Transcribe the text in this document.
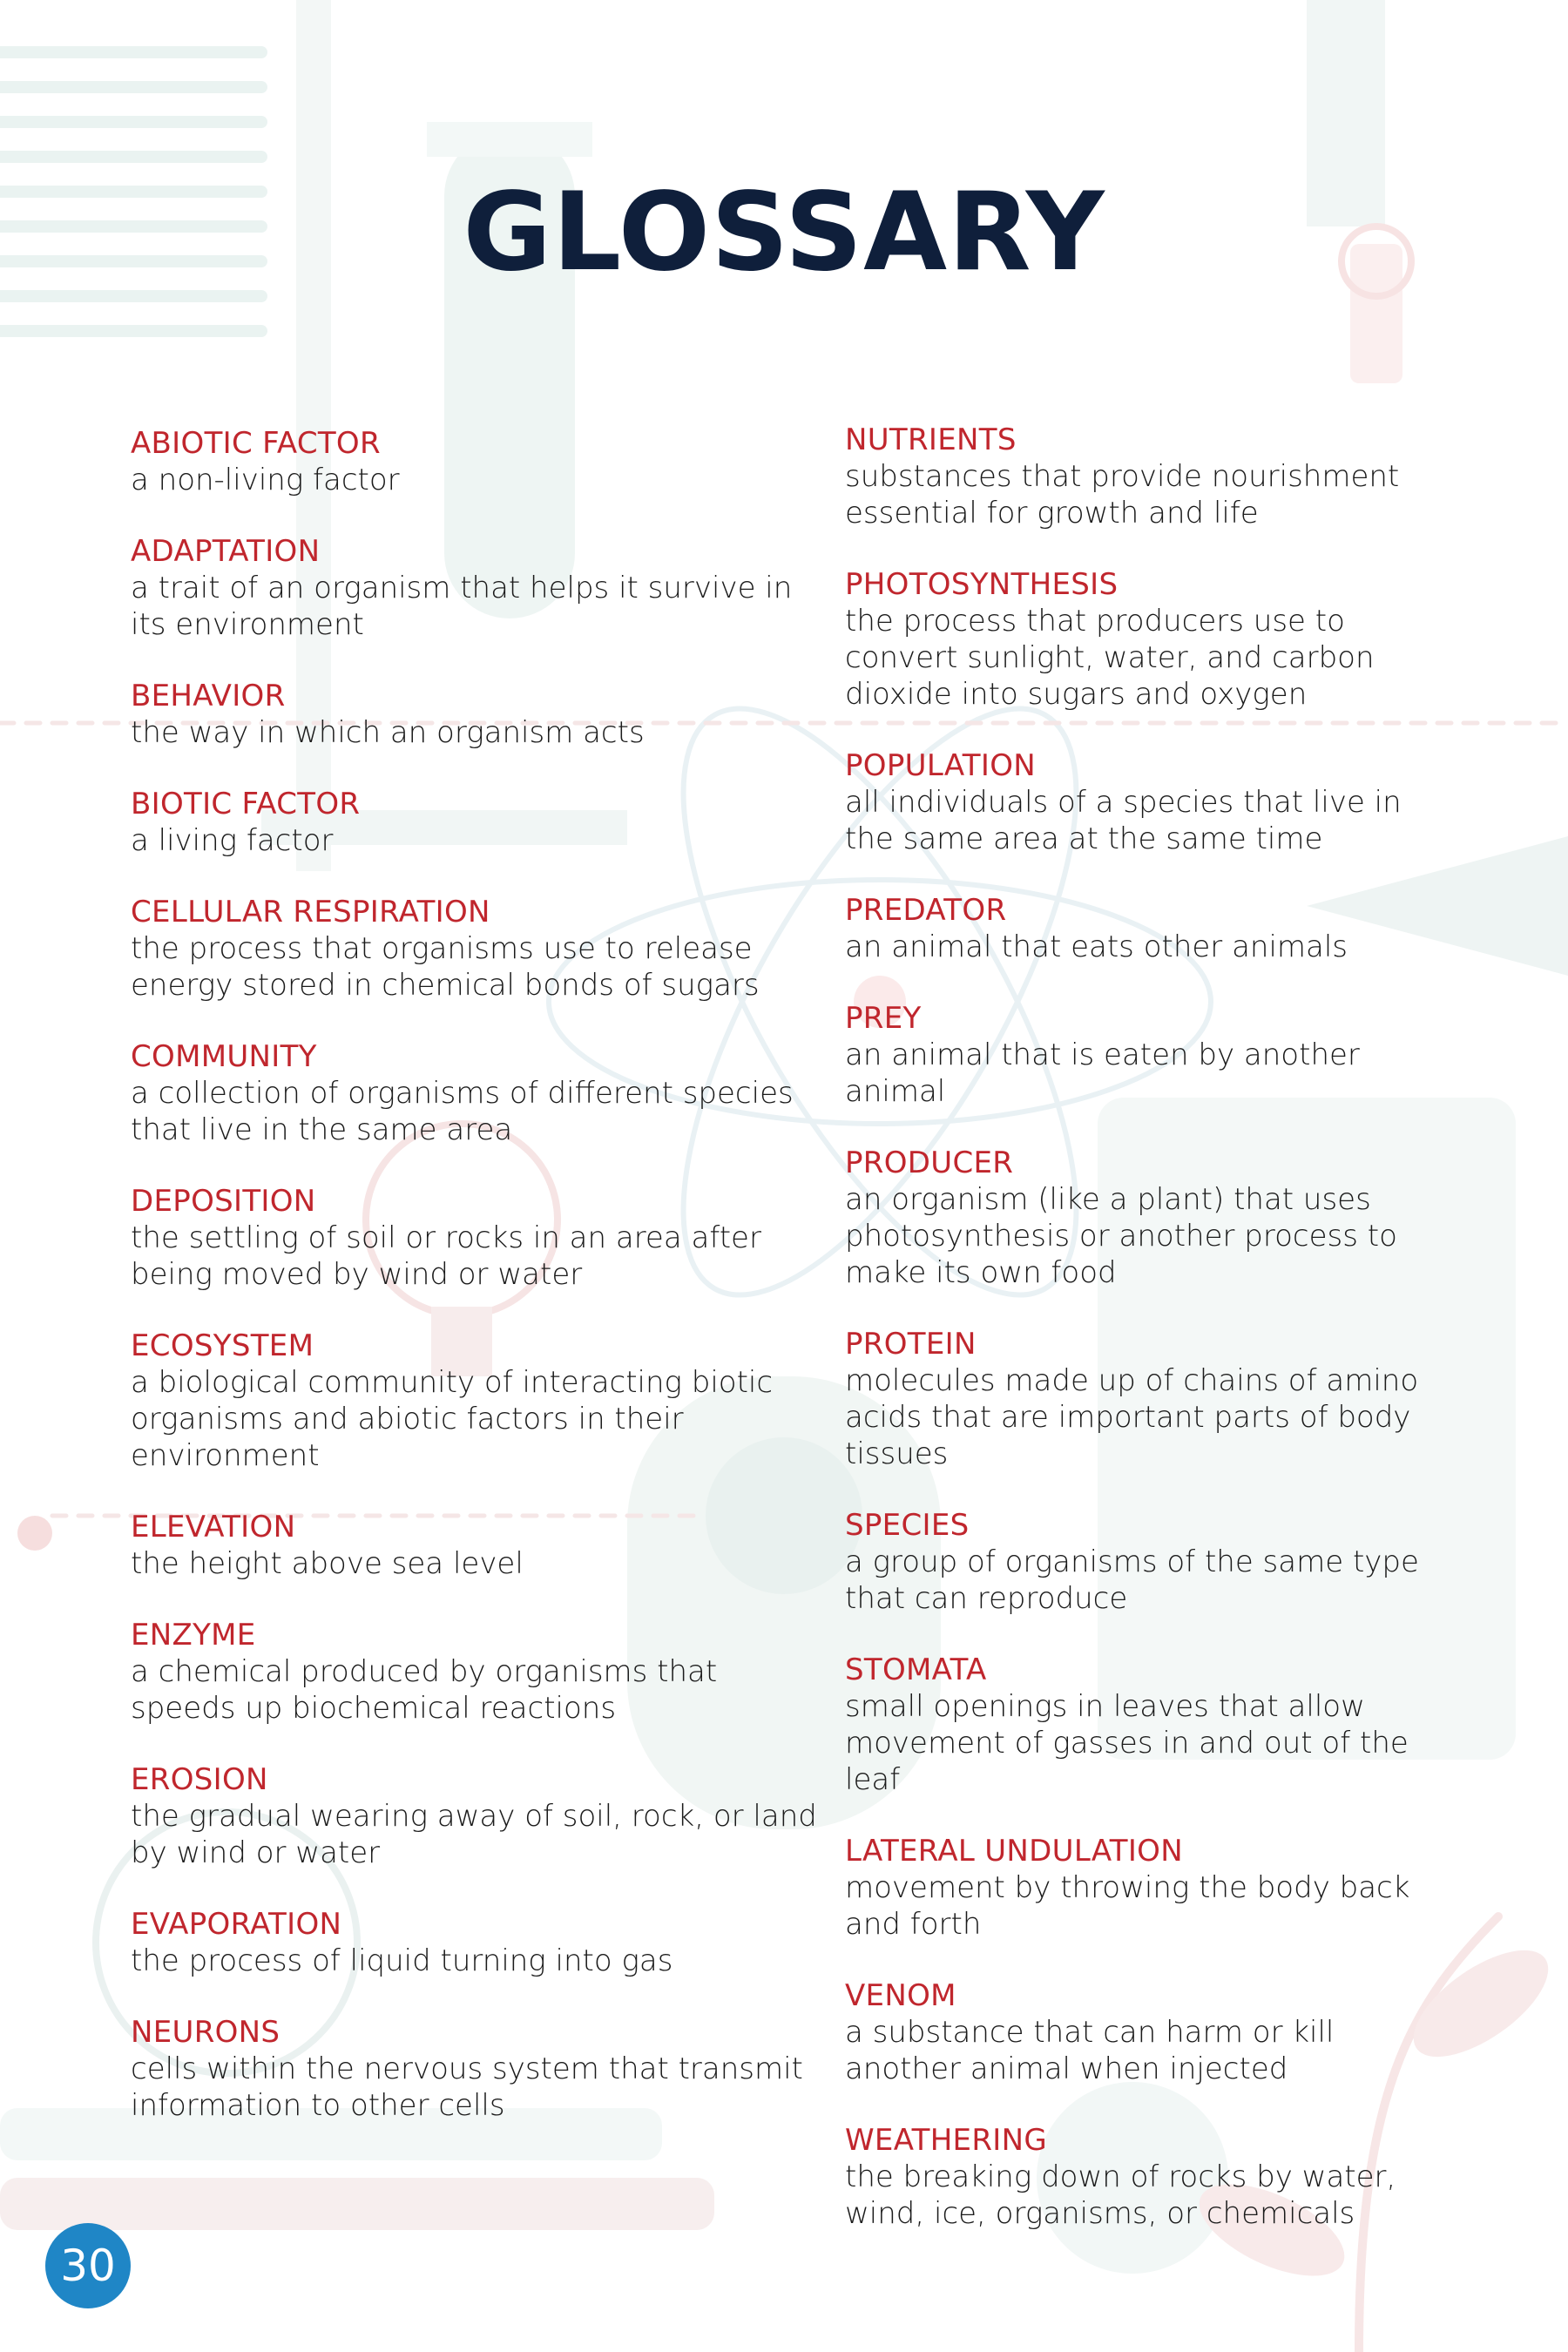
GLOSSARY
ABIOTIC FACTOR
a non-living factor
ADAPTATION
a trait of an organism that helps it survive in its environment
BEHAVIOR
the way in which an organism acts
BIOTIC FACTOR
a living factor
CELLULAR RESPIRATION
the process that organisms use to release energy stored in chemical bonds of sugars
COMMUNITY
a collection of organisms of different species that live in the same area
DEPOSITION
the settling of soil or rocks in an area after being moved by wind or water
ECOSYSTEM
a biological community of interacting biotic organisms and abiotic factors in their environment
ELEVATION
the height above sea level
ENZYME
a chemical produced by organisms that speeds up biochemical reactions
EROSION
the gradual wearing away of soil, rock, or land by wind or water
EVAPORATION
the process of liquid turning into gas
NEURONS
cells within the nervous system that transmit information to other cells
NUTRIENTS
substances that provide nourishment essential for growth and life
PHOTOSYNTHESIS
the process that producers use to convert sunlight, water, and carbon dioxide into sugars and oxygen
POPULATION
all individuals of a species that live in the same area at the same time
PREDATOR
an animal that eats other animals
PREY
an animal that is eaten by another animal
PRODUCER
an organism (like a plant) that uses photosynthesis or another process to make its own food
PROTEIN
molecules made up of chains of amino acids that are important parts of body tissues
SPECIES
a group of organisms of the same type that can reproduce
STOMATA
small openings in leaves that allow movement of gasses in and out of the leaf
LATERAL UNDULATION
movement by throwing the body back and forth
VENOM
a substance that can harm or kill another animal when injected
WEATHERING
the breaking down of rocks by water, wind, ice, organisms, or chemicals
30
